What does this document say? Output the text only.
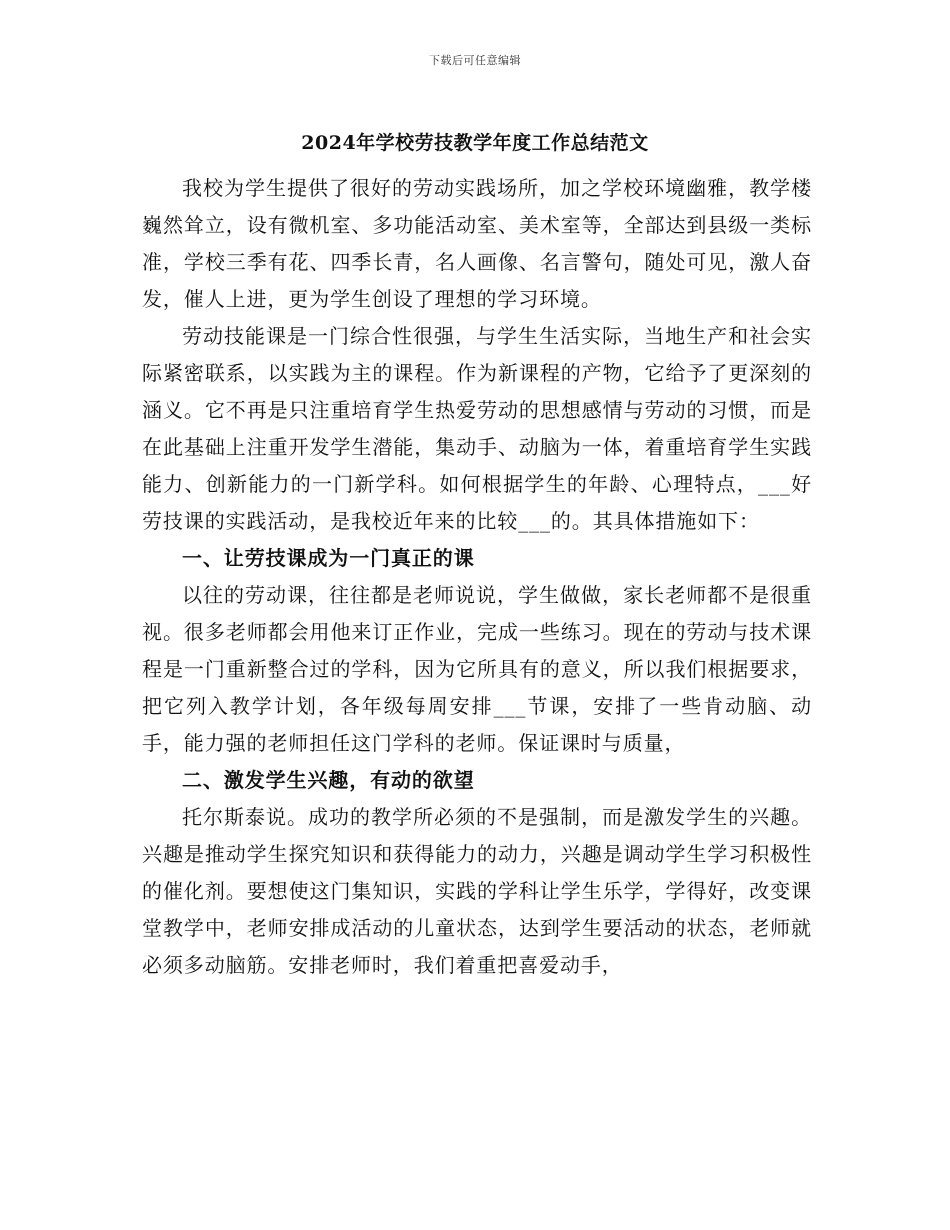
下载后可任意编辑
2024年学校劳技教学年度工作总结范文

我校为学生提供了很好的劳动实践场所，加之学校环境幽雅，教学楼巍然耸立，设有微机室、多功能活动室、美术室等，全部达到县级一类标准，学校三季有花、四季长青，名人画像、名言警句，随处可见，激人奋发，催人上进，更为学生创设了理想的学习环境。

劳动技能课是一门综合性很强，与学生生活实际，当地生产和社会实际紧密联系，以实践为主的课程。作为新课程的产物，它给予了更深刻的涵义。它不再是只注重培育学生热爱劳动的思想感情与劳动的习惯，而是在此基础上注重开发学生潜能，集动手、动脑为一体，着重培育学生实践能力、创新能力的一门新学科。如何根据学生的年龄、心理特点，___好劳技课的实践活动，是我校近年来的比较___的。其具体措施如下：

一、让劳技课成为一门真正的课

以往的劳动课，往往都是老师说说，学生做做，家长老师都不是很重视。很多老师都会用他来订正作业，完成一些练习。现在的劳动与技术课程是一门重新整合过的学科，因为它所具有的意义，所以我们根据要求，把它列入教学计划，各年级每周安排___节课，安排了一些肯动脑、动手，能力强的老师担任这门学科的老师。保证课时与质量，

二、激发学生兴趣，有动的欲望

托尔斯泰说。成功的教学所必须的不是强制，而是激发学生的兴趣。兴趣是推动学生探究知识和获得能力的动力，兴趣是调动学生学习积极性的催化剂。要想使这门集知识，实践的学科让学生乐学，学得好，改变课堂教学中，老师安排成活动的儿童状态，达到学生要活动的状态，老师就必须多动脑筋。安排老师时，我们着重把喜爱动手，
